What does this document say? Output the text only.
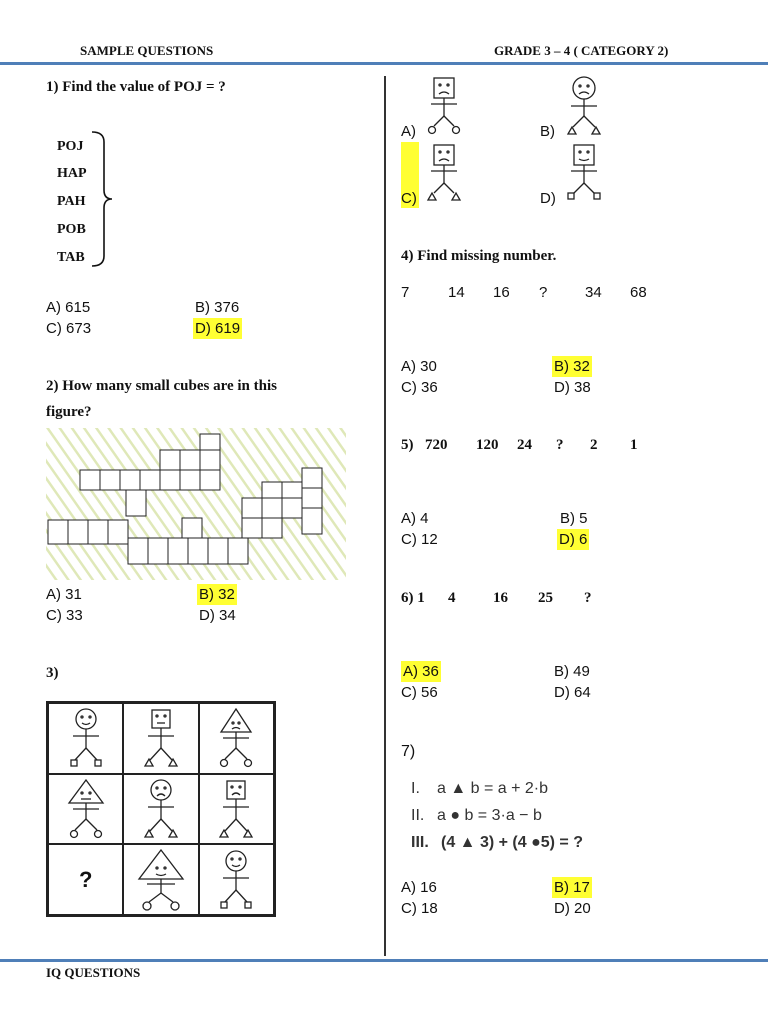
SAMPLE QUESTIONS	GRADE 3 – 4 ( CATEGORY 2)
1) Find the value of POJ = ?
POJ
HAP
PAH
POB
TAB
A) 615	B) 376
C) 673	D) 619
2) How many small cubes are in this
figure?
A) 31	B) 32
C) 33	D) 34
3)
?
A)	B)
C)	D)
4) Find missing number.
7	14 16 ?	34 68
A) 30	B) 32
C) 36	D) 38
5) 720 120 24 ? 2 1
A) 4	B) 5
C) 12	D) 6
6) 1 4	16 25 ?
A) 36	B) 49
C) 56	D) 64
7)
I. a ▲ b = a + 2·b
II. a ● b = 3·a − b
III. (4 ▲ 3) + (4 ●5) = ?
A) 16	B) 17
C) 18	D) 20
IQ QUESTIONS
